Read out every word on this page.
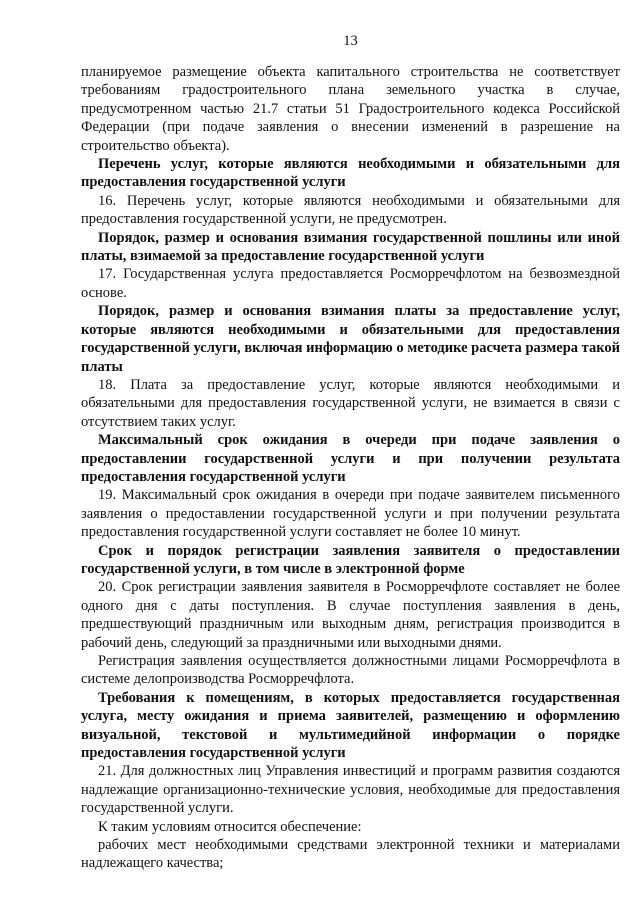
13

планируемое размещение объекта капитального строительства не соответствует требованиям градостроительного плана земельного участка в случае, предусмотренном частью 21.7 статьи 51 Градостроительного кодекса Российской Федерации (при подаче заявления о внесении изменений в разрешение на строительство объекта).

Перечень услуг, которые являются необходимыми и обязательными для предоставления государственной услуги

16. Перечень услуг, которые являются необходимыми и обязательными для предоставления государственной услуги, не предусмотрен.

Порядок, размер и основания взимания государственной пошлины или иной платы, взимаемой за предоставление государственной услуги

17. Государственная услуга предоставляется Росморречфлотом на безвозмездной основе.

Порядок, размер и основания взимания платы за предоставление услуг, которые являются необходимыми и обязательными для предоставления государственной услуги, включая информацию о методике расчета размера такой платы

18. Плата за предоставление услуг, которые являются необходимыми и обязательными для предоставления государственной услуги, не взимается в связи с отсутствием таких услуг.

Максимальный срок ожидания в очереди при подаче заявления о предоставлении государственной услуги и при получении результата предоставления государственной услуги

19. Максимальный срок ожидания в очереди при подаче заявителем письменного заявления о предоставлении государственной услуги и при получении результата предоставления государственной услуги составляет не более 10 минут.

Срок и порядок регистрации заявления заявителя о предоставлении государственной услуги, в том числе в электронной форме

20. Срок регистрации заявления заявителя в Росморречфлоте составляет не более одного дня с даты поступления. В случае поступления заявления в день, предшествующий праздничным или выходным дням, регистрация производится в рабочий день, следующий за праздничными или выходными днями.

Регистрация заявления осуществляется должностными лицами Росморречфлота в системе делопроизводства Росморречфлота.

Требования к помещениям, в которых предоставляется государственная услуга, месту ожидания и приема заявителей, размещению и оформлению визуальной, текстовой и мультимедийной информации о порядке предоставления государственной услуги

21. Для должностных лиц Управления инвестиций и программ развития создаются надлежащие организационно-технические условия, необходимые для предоставления государственной услуги.

К таким условиям относится обеспечение:

рабочих мест необходимыми средствами электронной техники и материалами надлежащего качества;
